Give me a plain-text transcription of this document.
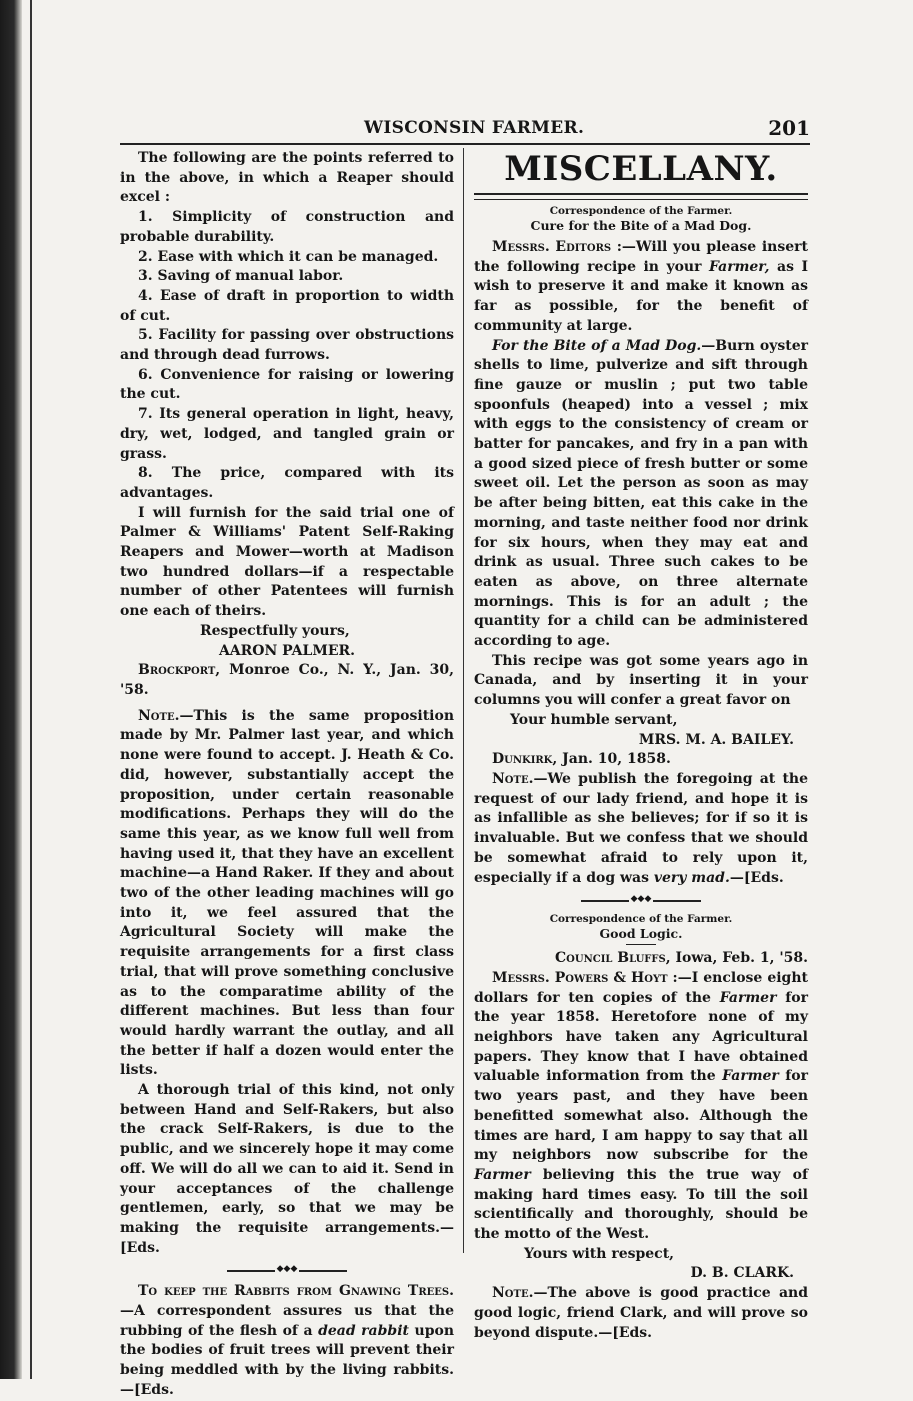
WISCONSIN FARMER.	201

The following are the points referred to in the above, in which a Reaper should excel :

1. Simplicity of construction and probable durability.

2. Ease with which it can be managed.

3. Saving of manual labor.

4. Ease of draft in proportion to width of cut.

5. Facility for passing over obstructions and through dead furrows.

6. Convenience for raising or lowering the cut.

7. Its general operation in light, heavy, dry, wet, lodged, and tangled grain or grass.

8. The price, compared with its advantages.

I will furnish for the said trial one of Palmer & Williams' Patent Self-Raking Reapers and Mower—worth at Madison two hundred dollars—if a respectable number of other Patentees will furnish one each of theirs.

Respectfully yours,

AARON PALMER.

Brockport, Monroe Co., N. Y., Jan. 30, '58.

Note.—This is the same proposition made by Mr. Palmer last year, and which none were found to accept. J. Heath & Co. did, however, substantially accept the proposition, under certain reasonable modifications. Perhaps they will do the same this year, as we know full well from having used it, that they have an excellent machine—a Hand Raker. If they and about two of the other leading machines will go into it, we feel assured that the Agricultural Society will make the requisite arrangements for a first class trial, that will prove something conclusive as to the comparatime ability of the different machines. But less than four would hardly warrant the outlay, and all the better if half a dozen would enter the lists.

A thorough trial of this kind, not only between Hand and Self-Rakers, but also the crack Self-Rakers, is due to the public, and we sincerely hope it may come off. We will do all we can to aid it. Send in your acceptances of the challenge gentlemen, early, so that we may be making the requisite arrangements.—[Eds.

◆◆◆

To keep the Rabbits from Gnawing Trees.—A correspondent assures us that the rubbing of the flesh of a dead rabbit upon the bodies of fruit trees will prevent their being meddled with by the living rabbits.—[Eds.

MISCELLANY.
Correspondence of the Farmer.
Cure for the Bite of a Mad Dog.

Messrs. Editors :—Will you please insert the following recipe in your Farmer, as I wish to preserve it and make it known as far as possible, for the benefit of community at large.

For the Bite of a Mad Dog.—Burn oyster shells to lime, pulverize and sift through fine gauze or muslin ; put two table spoonfuls (heaped) into a vessel ; mix with eggs to the consistency of cream or batter for pancakes, and fry in a pan with a good sized piece of fresh butter or some sweet oil. Let the person as soon as may be after being bitten, eat this cake in the morning, and taste neither food nor drink for six hours, when they may eat and drink as usual. Three such cakes to be eaten as above, on three alternate mornings. This is for an adult ; the quantity for a child can be administered according to age.

This recipe was got some years ago in Canada, and by inserting it in your columns you will confer a great favor on

Your humble servant,

MRS. M. A. BAILEY.

Dunkirk, Jan. 10, 1858.

Note.—We publish the foregoing at the request of our lady friend, and hope it is as infallible as she believes; for if so it is invaluable. But we confess that we should be somewhat afraid to rely upon it, especially if a dog was very mad.—[Eds.

◆◆◆
Correspondence of the Farmer.
Good Logic.

Council Bluffs, Iowa, Feb. 1, '58.

Messrs. Powers & Hoyt :—I enclose eight dollars for ten copies of the Farmer for the year 1858. Heretofore none of my neighbors have taken any Agricultural papers. They know that I have obtained valuable information from the Farmer for two years past, and they have been benefitted somewhat also. Although the times are hard, I am happy to say that all my neighbors now subscribe for the Farmer believing this the true way of making hard times easy. To till the soil scientifically and thoroughly, should be the motto of the West.

Yours with respect,

D. B. CLARK.

Note.—The above is good practice and good logic, friend Clark, and will prove so beyond dispute.—[Eds.
